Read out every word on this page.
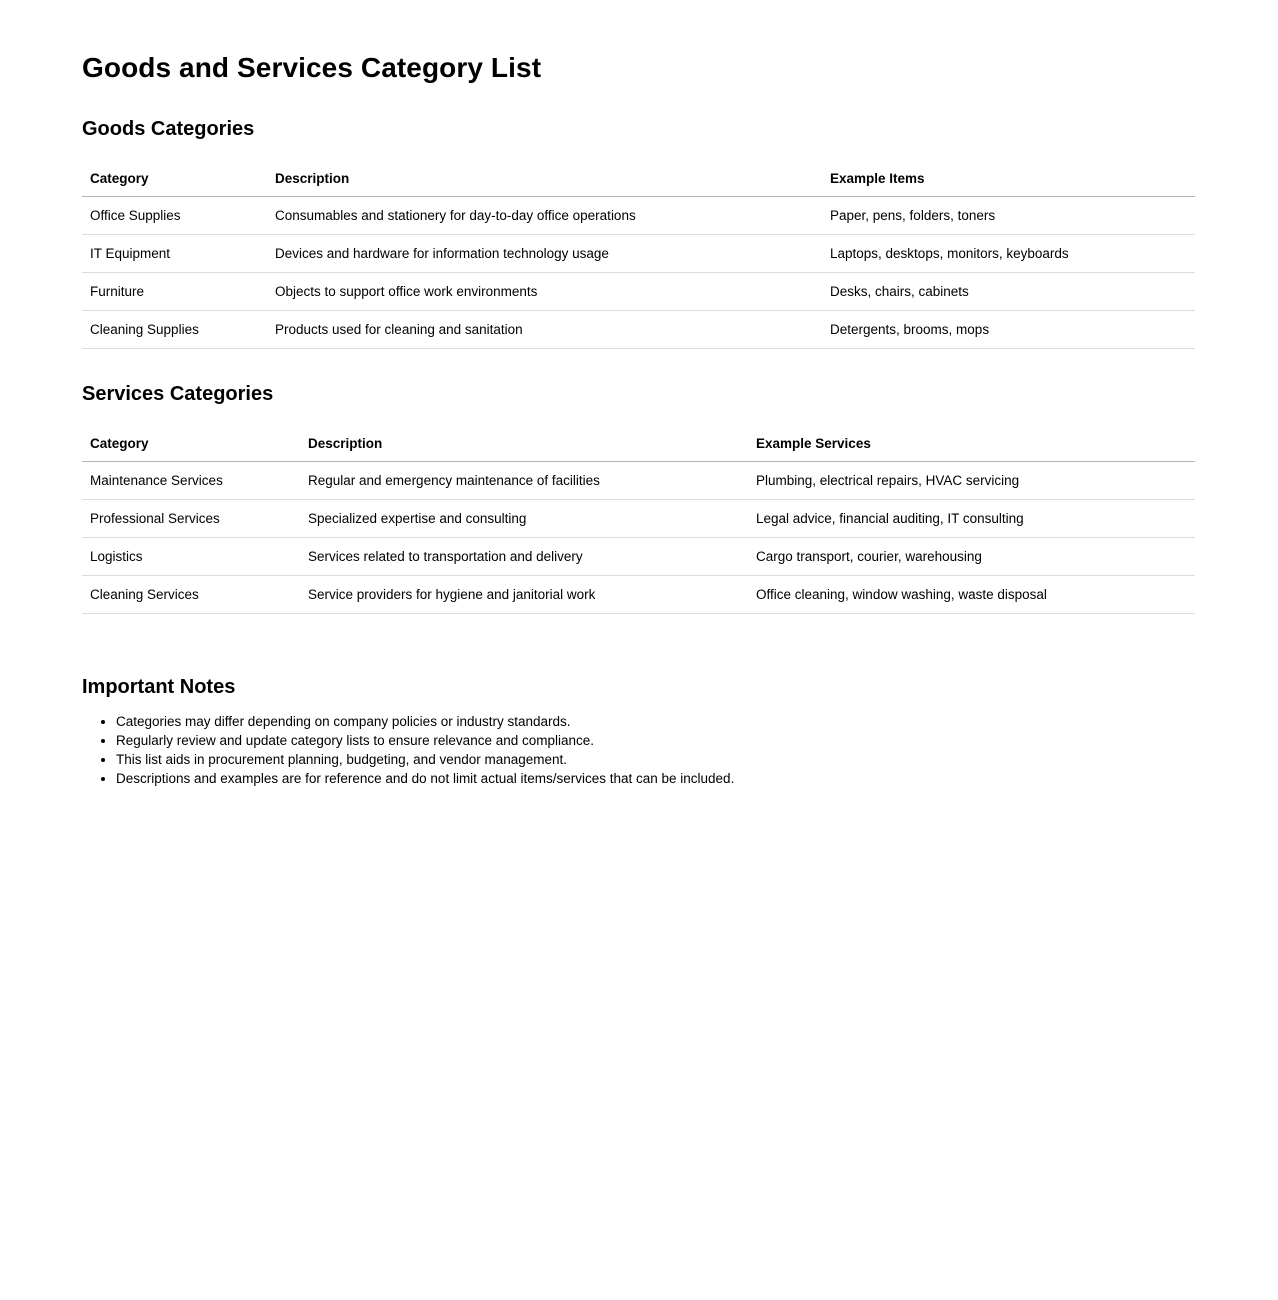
Goods and Services Category List
Goods Categories
Category	Description	Example Items
Office Supplies	Consumables and stationery for day-to-day office operations	Paper, pens, folders, toners
IT Equipment	Devices and hardware for information technology usage	Laptops, desktops, monitors, keyboards
Furniture	Objects to support office work environments	Desks, chairs, cabinets
Cleaning Supplies	Products used for cleaning and sanitation	Detergents, brooms, mops
Services Categories
Category	Description	Example Services
Maintenance Services	Regular and emergency maintenance of facilities	Plumbing, electrical repairs, HVAC servicing
Professional Services	Specialized expertise and consulting	Legal advice, financial auditing, IT consulting
Logistics	Services related to transportation and delivery	Cargo transport, courier, warehousing
Cleaning Services	Service providers for hygiene and janitorial work	Office cleaning, window washing, waste disposal
Important Notes
• Categories may differ depending on company policies or industry standards.
• Regularly review and update category lists to ensure relevance and compliance.
• This list aids in procurement planning, budgeting, and vendor management.
• Descriptions and examples are for reference and do not limit actual items/services that can be included.
